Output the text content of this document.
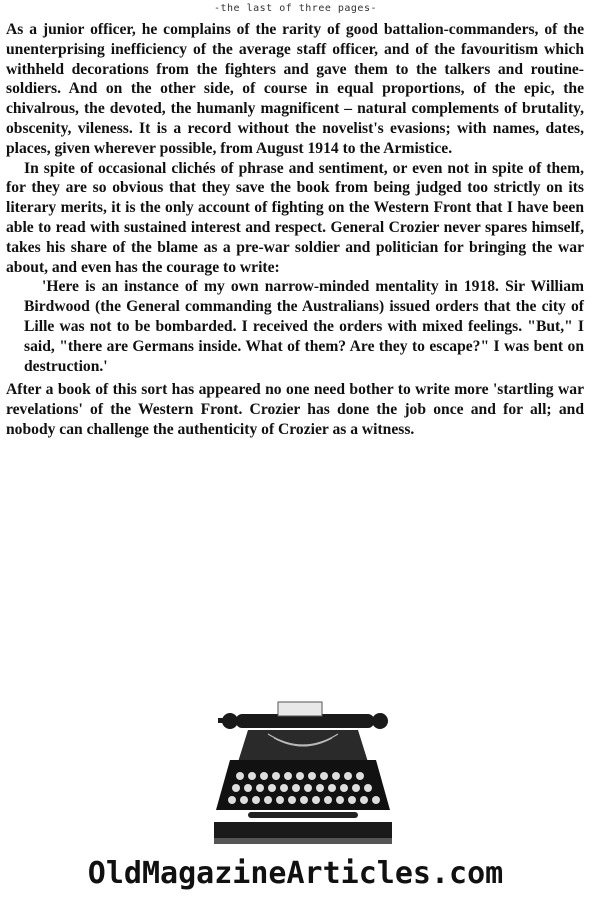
-the last of three pages-

As a junior officer, he complains of the rarity of good battalion-commanders, of the unenterprising inefficiency of the average staff officer, and of the favouritism which withheld decorations from the fighters and gave them to the talkers and routine-soldiers. And on the other side, of course in equal proportions, of the epic, the chivalrous, the devoted, the humanly magnificent – natural complements of brutality, obscenity, vileness. It is a record without the novelist's evasions; with names, dates, places, given wherever possible, from August 1914 to the Armistice.

In spite of occasional clichés of phrase and sentiment, or even not in spite of them, for they are so obvious that they save the book from being judged too strictly on its literary merits, it is the only account of fighting on the Western Front that I have been able to read with sustained interest and respect. General Crozier never spares himself, takes his share of the blame as a pre-war soldier and politician for bringing the war about, and even has the courage to write:

'Here is an instance of my own narrow-minded mentality in 1918. Sir William Birdwood (the General commanding the Australians) issued orders that the city of Lille was not to be bombarded. I received the orders with mixed feelings. "But," I said, "there are Germans inside. What of them? Are they to escape?" I was bent on destruction.'

After a book of this sort has appeared no one need bother to write more 'startling war revelations' of the Western Front. Crozier has done the job once and for all; and nobody can challenge the authenticity of Crozier as a witness.

OldMagazineArticles.com
